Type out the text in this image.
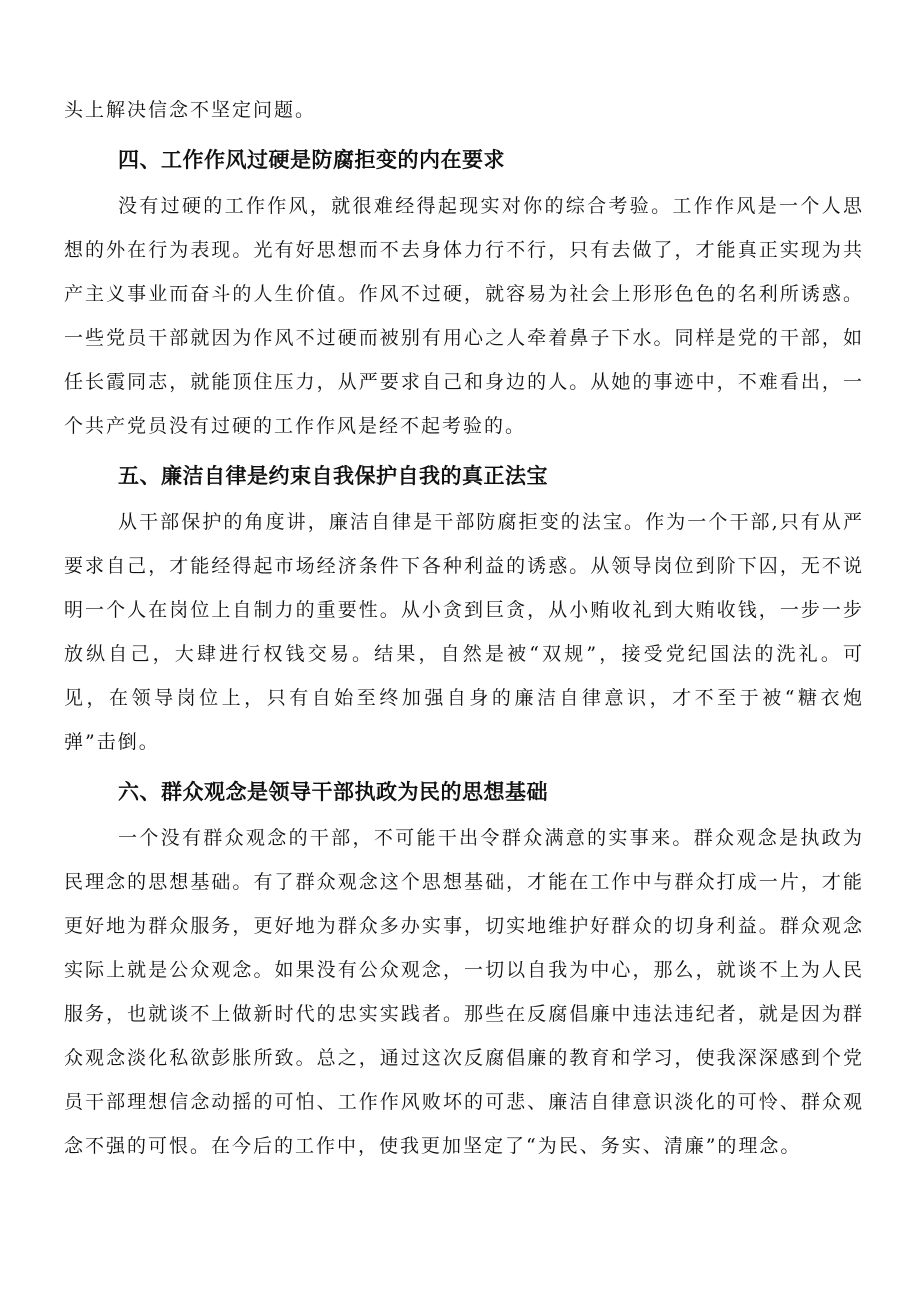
头上解决信念不坚定问题。

四、工作作风过硬是防腐拒变的内在要求

没有过硬的工作作风，就很难经得起现实对你的综合考验。工作作风是一个人思想的外在行为表现。光有好思想而不去身体力行不行，只有去做了，才能真正实现为共产主义事业而奋斗的人生价值。作风不过硬，就容易为社会上形形色色的名利所诱惑。一些党员干部就因为作风不过硬而被别有用心之人牵着鼻子下水。同样是党的干部，如任长霞同志，就能顶住压力，从严要求自己和身边的人。从她的事迹中，不难看出，一个共产党员没有过硬的工作作风是经不起考验的。

五、廉洁自律是约束自我保护自我的真正法宝

从干部保护的角度讲，廉洁自律是干部防腐拒变的法宝。作为一个干部,只有从严要求自己，才能经得起市场经济条件下各种利益的诱惑。从领导岗位到阶下囚，无不说明一个人在岗位上自制力的重要性。从小贪到巨贪，从小贿收礼到大贿收钱，一步一步放纵自己，大肆进行权钱交易。结果，自然是被“双规”，接受党纪国法的洗礼。可见，在领导岗位上，只有自始至终加强自身的廉洁自律意识，才不至于被“糖衣炮弹”击倒。

六、群众观念是领导干部执政为民的思想基础

一个没有群众观念的干部，不可能干出令群众满意的实事来。群众观念是执政为民理念的思想基础。有了群众观念这个思想基础，才能在工作中与群众打成一片，才能更好地为群众服务，更好地为群众多办实事，切实地维护好群众的切身利益。群众观念实际上就是公众观念。如果没有公众观念，一切以自我为中心，那么，就谈不上为人民服务，也就谈不上做新时代的忠实实践者。那些在反腐倡廉中违法违纪者，就是因为群众观念淡化私欲彭胀所致。总之，通过这次反腐倡廉的教育和学习，使我深深感到个党员干部理想信念动摇的可怕、工作作风败坏的可悲、廉洁自律意识淡化的可怜、群众观念不强的可恨。在今后的工作中，使我更加坚定了“为民、务实、清廉”的理念。
